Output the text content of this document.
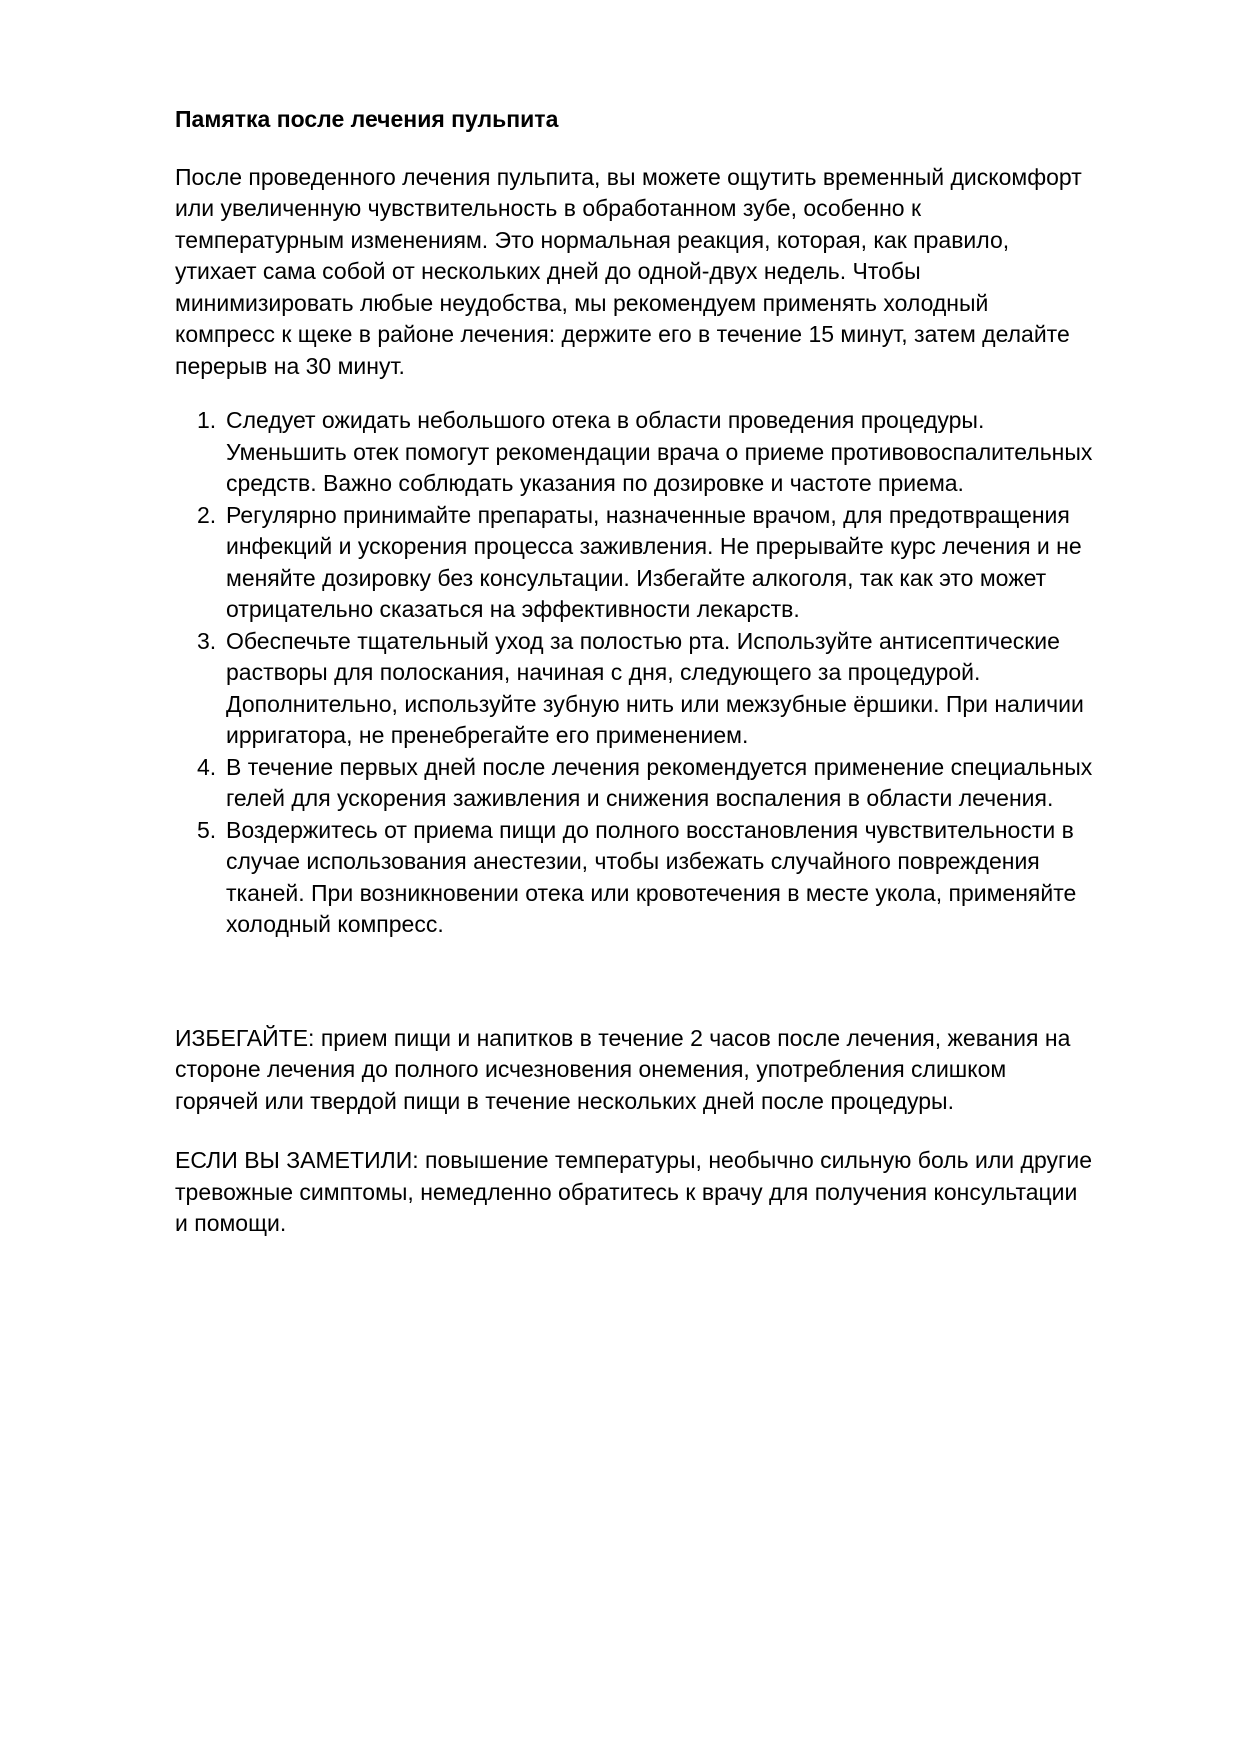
Памятка после лечения пульпита

После проведенного лечения пульпита, вы можете ощутить временный дискомфорт или увеличенную чувствительность в обработанном зубе, особенно к температурным изменениям. Это нормальная реакция, которая, как правило, утихает сама собой от нескольких дней до одной-двух недель. Чтобы минимизировать любые неудобства, мы рекомендуем применять холодный компресс к щеке в районе лечения: держите его в течение 15 минут, затем делайте перерыв на 30 минут.

Следует ожидать небольшого отека в области проведения процедуры. Уменьшить отек помогут рекомендации врача о приеме противовоспалительных средств. Важно соблюдать указания по дозировке и частоте приема.
Регулярно принимайте препараты, назначенные врачом, для предотвращения инфекций и ускорения процесса заживления. Не прерывайте курс лечения и не меняйте дозировку без консультации. Избегайте алкоголя, так как это может отрицательно сказаться на эффективности лекарств.
Обеспечьте тщательный уход за полостью рта. Используйте антисептические растворы для полоскания, начиная с дня, следующего за процедурой. Дополнительно, используйте зубную нить или межзубные ёршики. При наличии ирригатора, не пренебрегайте его применением.
В течение первых дней после лечения рекомендуется применение специальных гелей для ускорения заживления и снижения воспаления в области лечения.
Воздержитесь от приема пищи до полного восстановления чувствительности в случае использования анестезии, чтобы избежать случайного повреждения тканей. При возникновении отека или кровотечения в месте укола, применяйте холодный компресс.

ИЗБЕГАЙТЕ: прием пищи и напитков в течение 2 часов после лечения, жевания на стороне лечения до полного исчезновения онемения, употребления слишком горячей или твердой пищи в течение нескольких дней после процедуры.

ЕСЛИ ВЫ ЗАМЕТИЛИ: повышение температуры, необычно сильную боль или другие тревожные симптомы, немедленно обратитесь к врачу для получения консультации и помощи.
